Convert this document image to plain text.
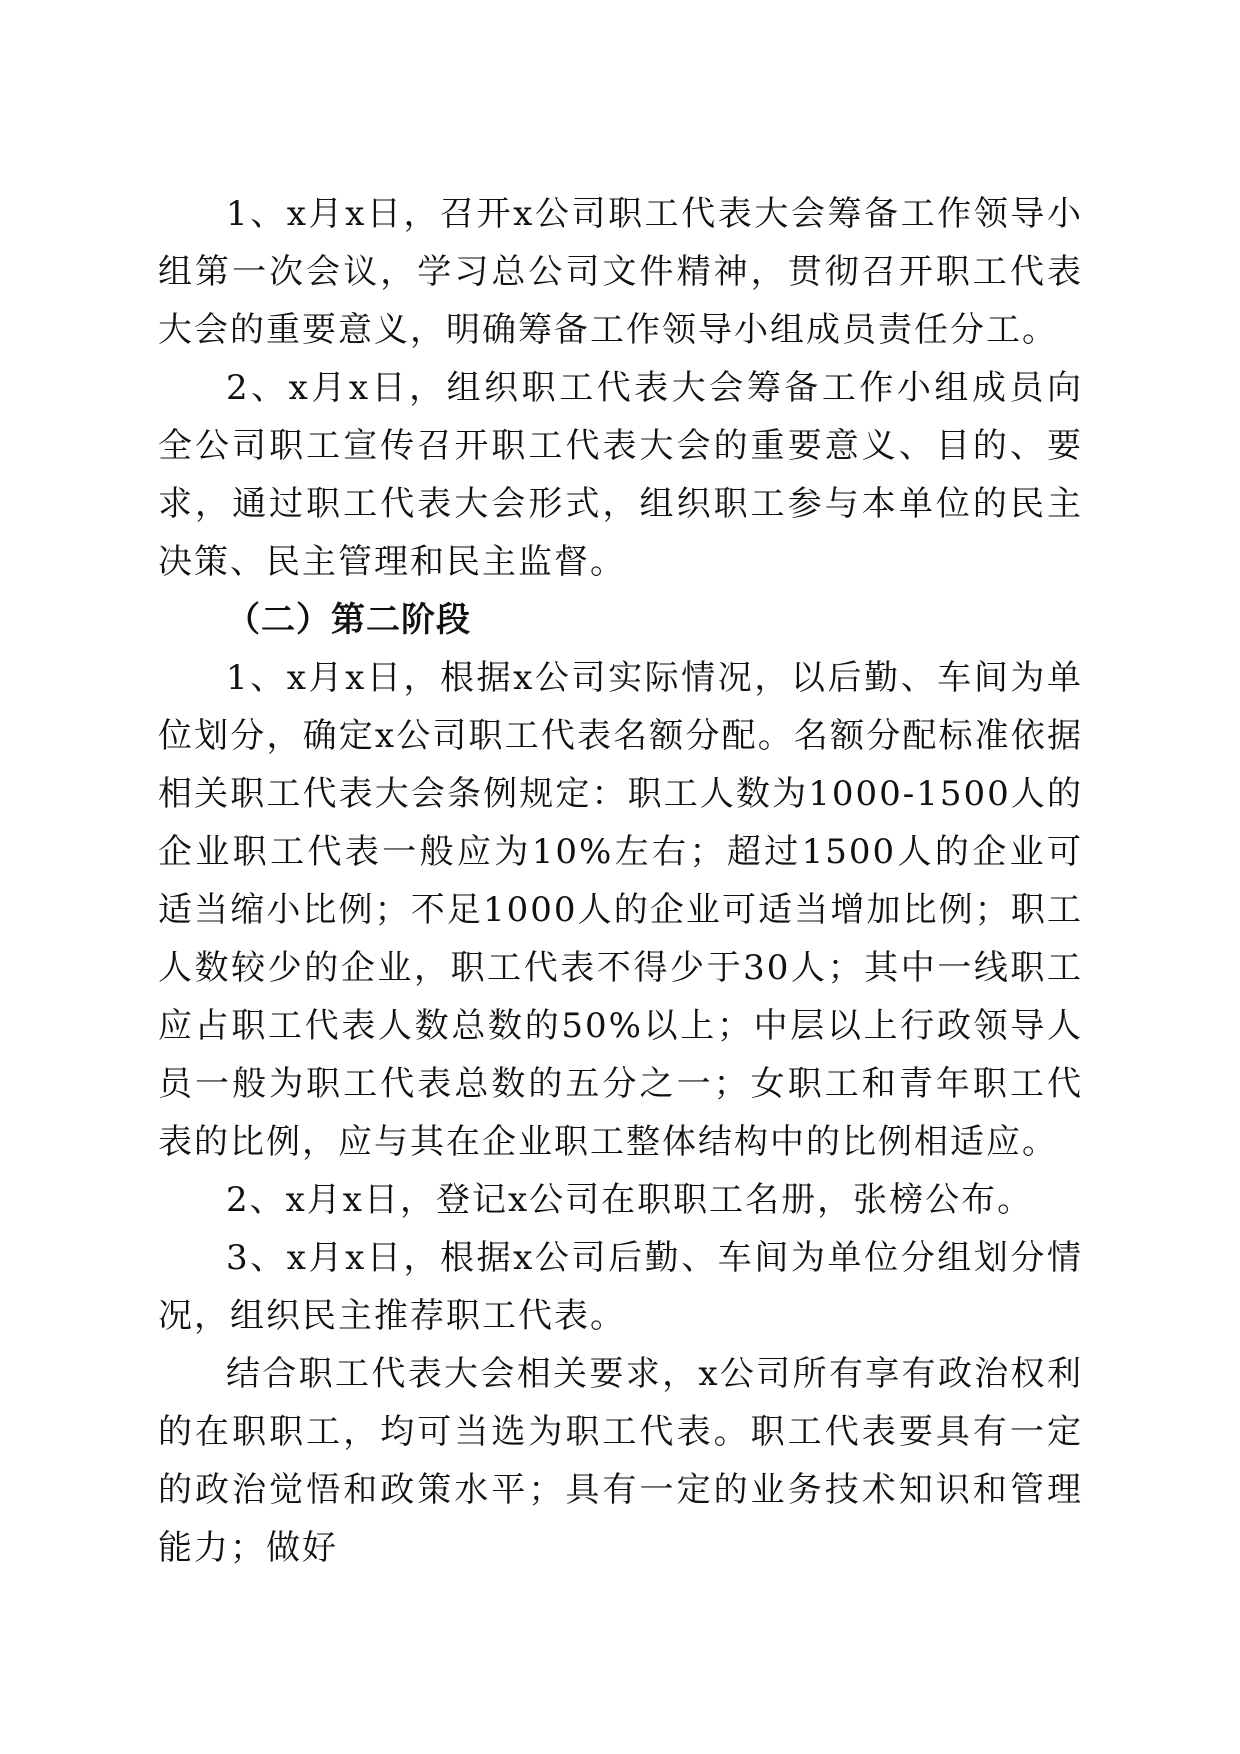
1、x月x日，召开x公司职工代表大会筹备工作领导小组第一次会议，学习总公司文件精神，贯彻召开职工代表大会的重要意义，明确筹备工作领导小组成员责任分工。

2、x月x日，组织职工代表大会筹备工作小组成员向全公司职工宣传召开职工代表大会的重要意义、目的、要求，通过职工代表大会形式，组织职工参与本单位的民主决策、民主管理和民主监督。

（二）第二阶段

1、x月x日，根据x公司实际情况，以后勤、车间为单位划分，确定x公司职工代表名额分配。名额分配标准依据相关职工代表大会条例规定：职工人数为1000-1500人的企业职工代表一般应为10%左右；超过1500人的企业可适当缩小比例；不足1000人的企业可适当增加比例；职工人数较少的企业，职工代表不得少于30人；其中一线职工应占职工代表人数总数的50%以上；中层以上行政领导人员一般为职工代表总数的五分之一；女职工和青年职工代表的比例，应与其在企业职工整体结构中的比例相适应。

2、x月x日，登记x公司在职职工名册，张榜公布。

3、x月x日，根据x公司后勤、车间为单位分组划分情况，组织民主推荐职工代表。

结合职工代表大会相关要求，x公司所有享有政治权利的在职职工，均可当选为职工代表。职工代表要具有一定的政治觉悟和政策水平；具有一定的业务技术知识和管理能力；做好
